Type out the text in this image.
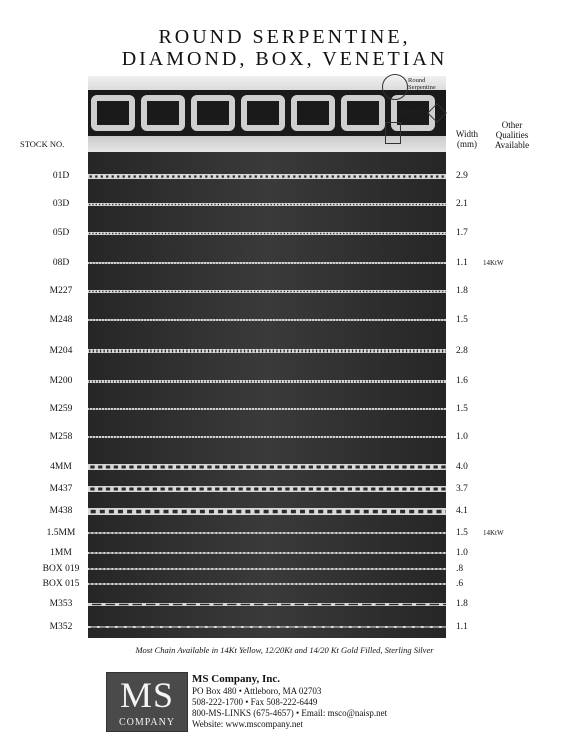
ROUND SERPENTINE,
DIAMOND, BOX, VENETIAN
Round Serpentine
Diamond
Box
STOCK NO.
Width (mm)
Other Qualities Available
01D	2.9
03D	2.1
05D	1.7
08D	1.1	14KtW
M227	1.8
M248	1.5
M204	2.8
M200	1.6
M259	1.5
M258	1.0
4MM	4.0
M437	3.7
M438	4.1
1.5MM	1.5	14KtW
1MM	1.0
BOX 019	.8
BOX 015	.6
M353	1.8
M352	1.1
Most Chain Available in 14Kt Yellow, 12/20Kt and 14/20 Kt Gold Filled, Sterling Silver
MS
COMPANY
MS Company, Inc.
PO Box 480 • Attleboro, MA 02703
508-222-1700 • Fax 508-222-6449
800-MS-LINKS (675-4657) • Email: msco@naisp.net
Website: www.mscompany.net
